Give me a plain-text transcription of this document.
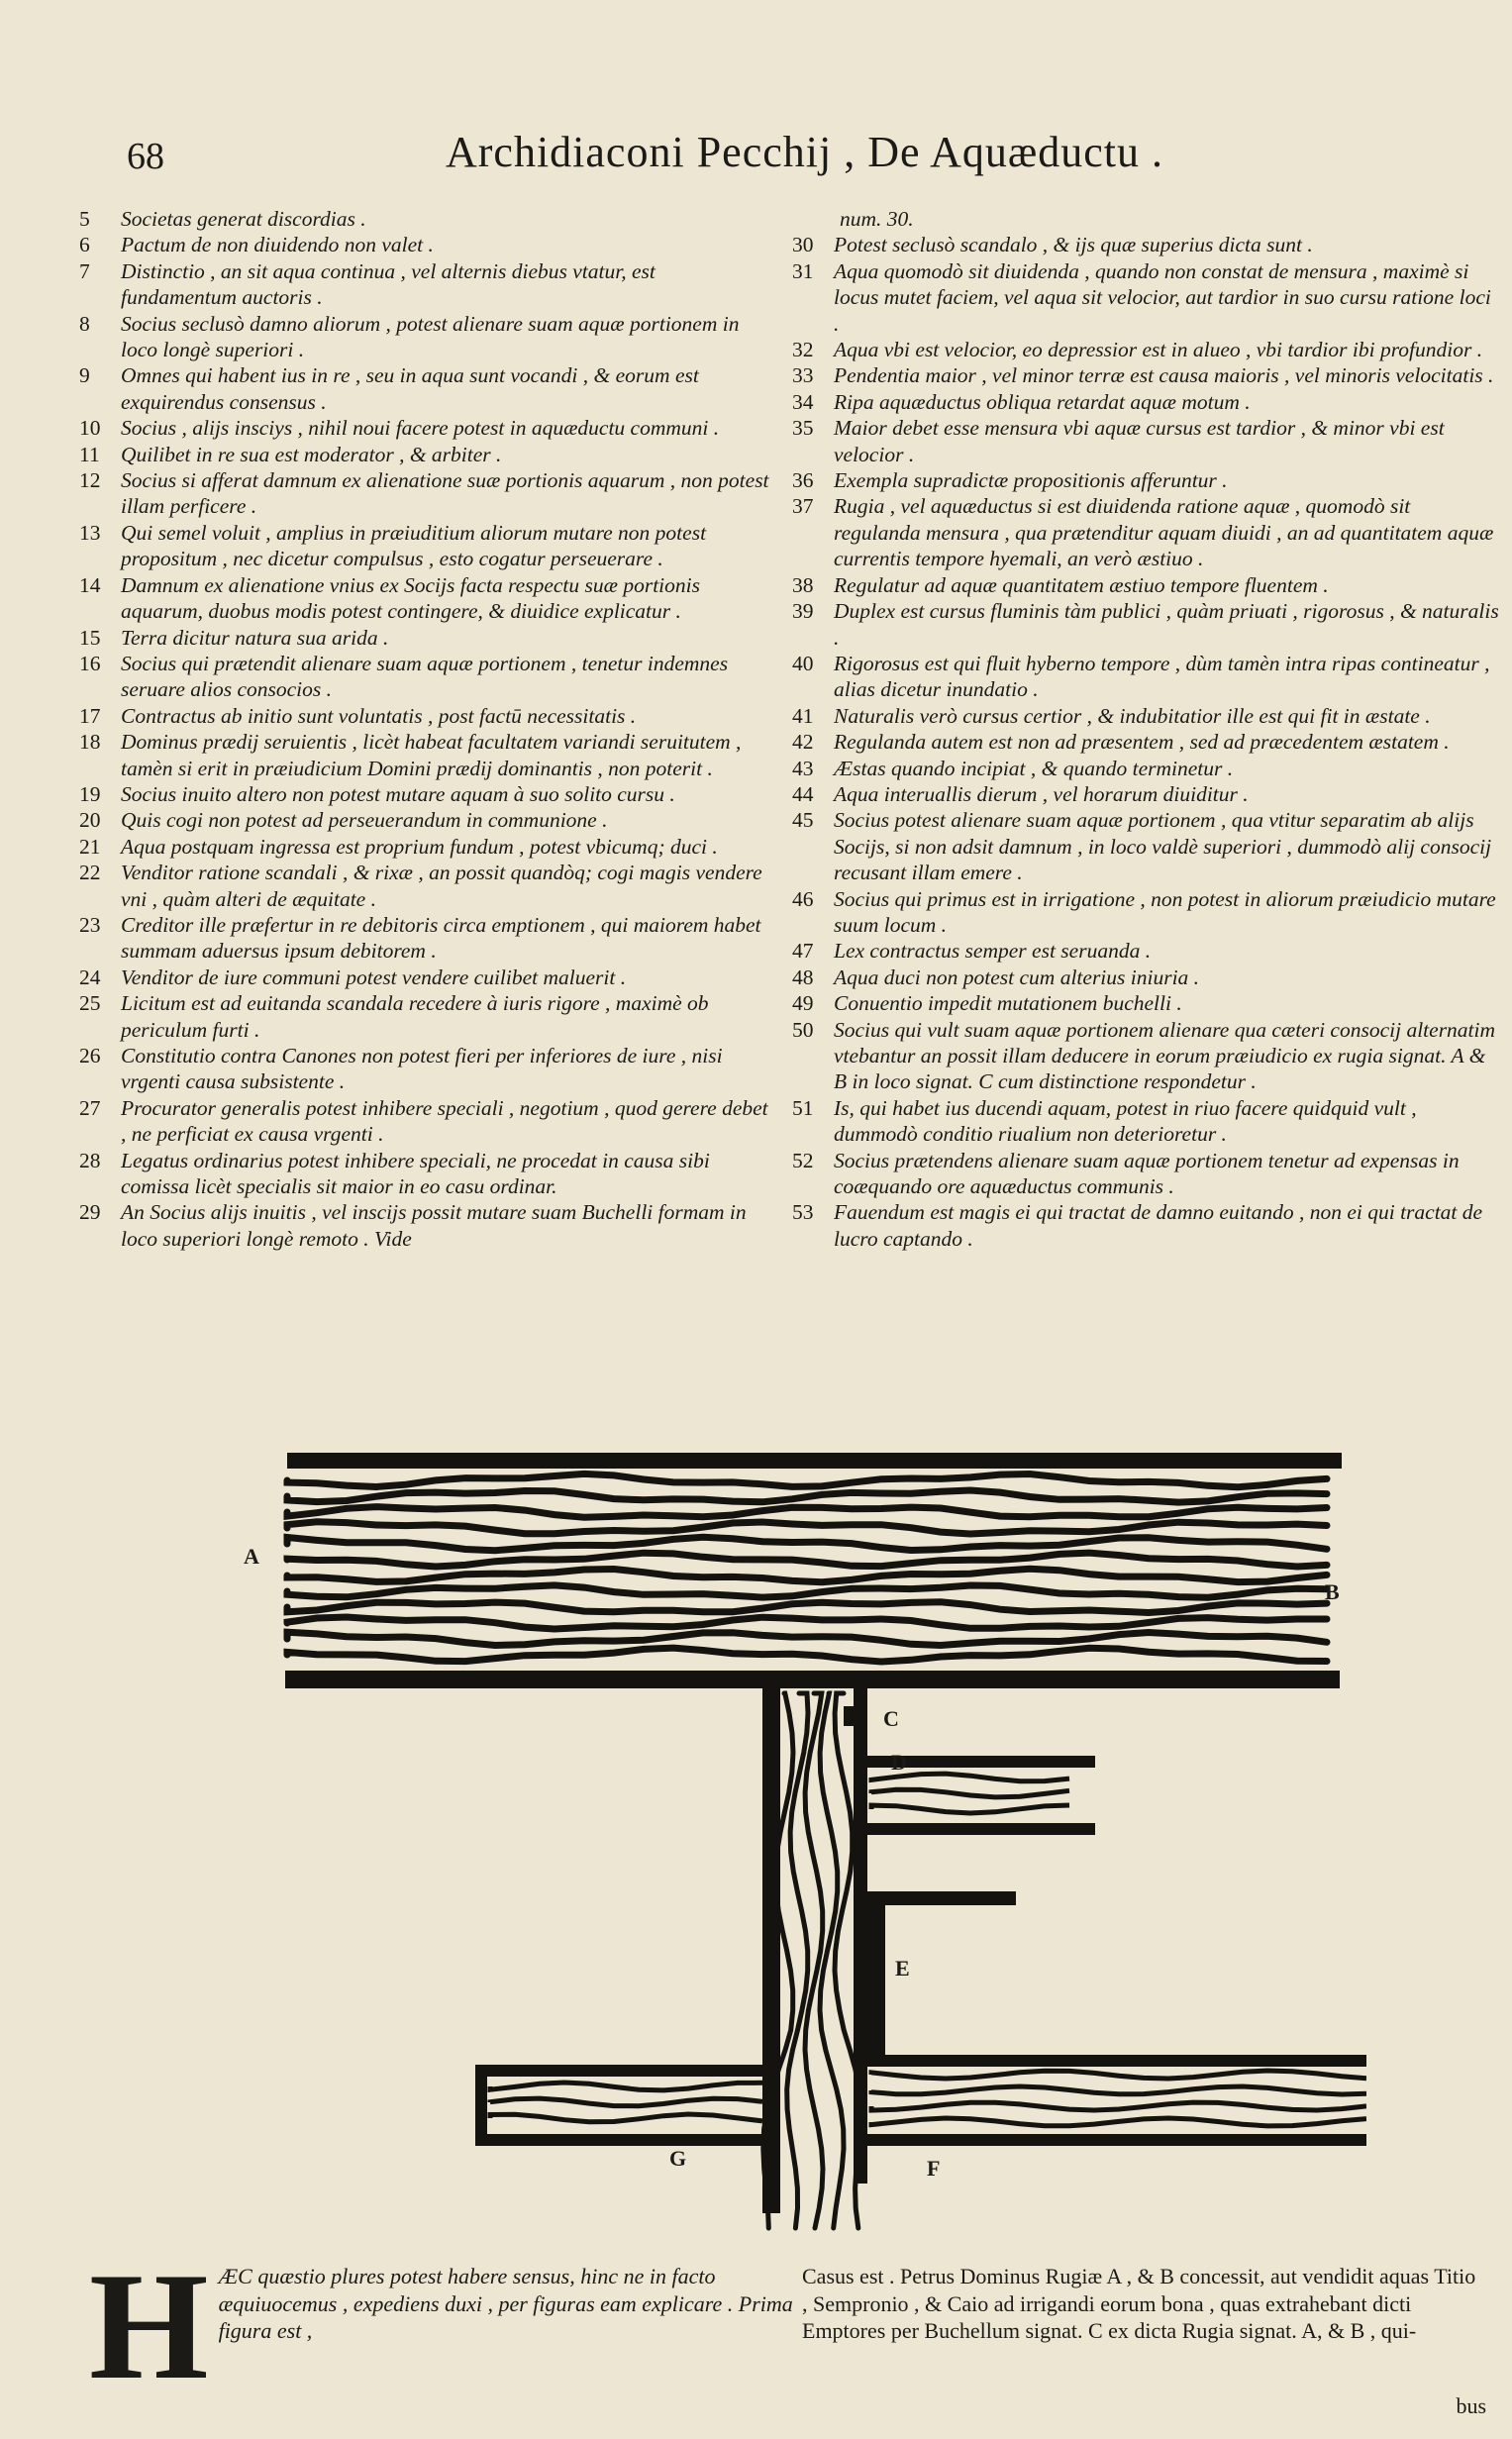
68	Archidiaconi Pecchij , De Aquæductu .
5	Societas generat discordias .
6	Pactum de non diuidendo non valet .
7	Distinctio , an sit aqua continua , vel alternis diebus vtatur, est fundamentum auctoris .
8	Socius seclusò damno aliorum , potest alienare suam aquæ portionem in loco longè superiori .
9	Omnes qui habent ius in re , seu in aqua sunt vocandi , & eorum est exquirendus consensus .
10 Socius , alijs insciys , nihil noui facere potest in aquæductu communi .
11 Quilibet in re sua est moderator , & arbiter .
12 Socius si afferat damnum ex alienatione suæ portionis aquarum , non potest illam perficere .
13 Qui semel voluit , amplius in præiuditium aliorum mutare non potest propositum , nec dicetur compulsus , esto cogatur perseuerare .
14 Damnum ex alienatione vnius ex Socijs facta respectu suæ portionis aquarum, duobus modis potest contingere, & diuidice explicatur .
15 Terra dicitur natura sua arida .
16 Socius qui prætendit alienare suam aquæ portionem , tenetur indemnes seruare alios consocios .
17 Contractus ab initio sunt voluntatis , post factū necessitatis .
18 Dominus prædij seruientis , licèt habeat facultatem variandi seruitutem , tamèn si erit in præiudicium Domini prædij dominantis , non poterit .
19 Socius inuito altero non potest mutare aquam à suo solito cursu .
20 Quis cogi non potest ad perseuerandum in communione .
21 Aqua postquam ingressa est proprium fundum , potest vbicumq; duci .
22 Venditor ratione scandali , & rixæ , an possit quandòq; cogi magis vendere vni , quàm alteri de æquitate .
23 Creditor ille præfertur in re debitoris circa emptionem , qui maiorem habet summam aduersus ipsum debitorem .
24 Venditor de iure communi potest vendere cuilibet maluerit .
25 Licitum est ad euitanda scandala recedere à iuris rigore , maximè ob periculum furti .
26 Constitutio contra Canones non potest fieri per inferiores de iure , nisi vrgenti causa subsistente .
27 Procurator generalis potest inhibere speciali , negotium , quod gerere debet , ne perficiat ex causa vrgenti .
28 Legatus ordinarius potest inhibere speciali, ne procedat in causa sibi comissa licèt specialis sit maior in eo casu ordinar.
29 An Socius alijs inuitis , vel inscijs possit mutare suam Buchelli formam in loco superiori longè remoto . Vide
num. 30.
30 Potest seclusò scandalo , & ijs quæ superius dicta sunt .
31 Aqua quomodò sit diuidenda , quando non constat de mensura , maximè si locus mutet faciem, vel aqua sit velocior, aut tardior in suo cursu ratione loci .
32 Aqua vbi est velocior, eo depressior est in alueo , vbi tardior ibi profundior .
33 Pendentia maior , vel minor terræ est causa maioris , vel minoris velocitatis .
34 Ripa aquæductus obliqua retardat aquæ motum .
35 Maior debet esse mensura vbi aquæ cursus est tardior , & minor vbi est velocior .
36 Exempla supradictæ propositionis afferuntur .
37 Rugia , vel aquæductus si est diuidenda ratione aquæ , quomodò sit regulanda mensura , qua prætenditur aquam diuidi , an ad quantitatem aquæ currentis tempore hyemali, an verò æstiuo .
38 Regulatur ad aquæ quantitatem æstiuo tempore fluentem .
39 Duplex est cursus fluminis tàm publici , quàm priuati , rigorosus , & naturalis .
40 Rigorosus est qui fluit hyberno tempore , dùm tamèn intra ripas contineatur , alias dicetur inundatio .
41 Naturalis verò cursus certior , & indubitatior ille est qui fit in æstate .
42 Regulanda autem est non ad præsentem , sed ad præcedentem æstatem .
43 Æstas quando incipiat , & quando terminetur .
44 Aqua interuallis dierum , vel horarum diuiditur .
45 Socius potest alienare suam aquæ portionem , qua vtitur separatim ab alijs Socijs, si non adsit damnum , in loco valdè superiori , dummodò alij consocij recusant illam emere .
46 Socius qui primus est in irrigatione , non potest in aliorum præiudicio mutare suum locum .
47 Lex contractus semper est seruanda .
48 Aqua duci non potest cum alterius iniuria .
49 Conuentio impedit mutationem buchelli .
50 Socius qui vult suam aquæ portionem alienare qua cæteri consocij alternatim vtebantur an possit illam deducere in eorum præiudicio ex rugia signat. A & B in loco signat. C cum distinctione respondetur .
51 Is, qui habet ius ducendi aquam, potest in riuo facere quidquid vult , dummodò conditio riualium non deterioretur .
52 Socius prætendens alienare suam aquæ portionem tenetur ad expensas in coæquando ore aquæductus communis .
53 Fauendum est magis ei qui tractat de damno euitando , non ei qui tractat de lucro captando .
A
B
C
D
E
F
G
H ÆC quæstio plures potest habere sensus, hinc ne in facto æquiuocemus , expediens duxi , per figuras eam explicare . Prima figura est ,
Casus est . Petrus Dominus Rugiæ A , & B concessit, aut vendidit aquas Titio , Sempronio , & Caio ad irrigandi eorum bona , quas extrahebant dicti Emptores per Buchellum signat. C ex dicta Rugia signat. A, & B , qui-
bus
